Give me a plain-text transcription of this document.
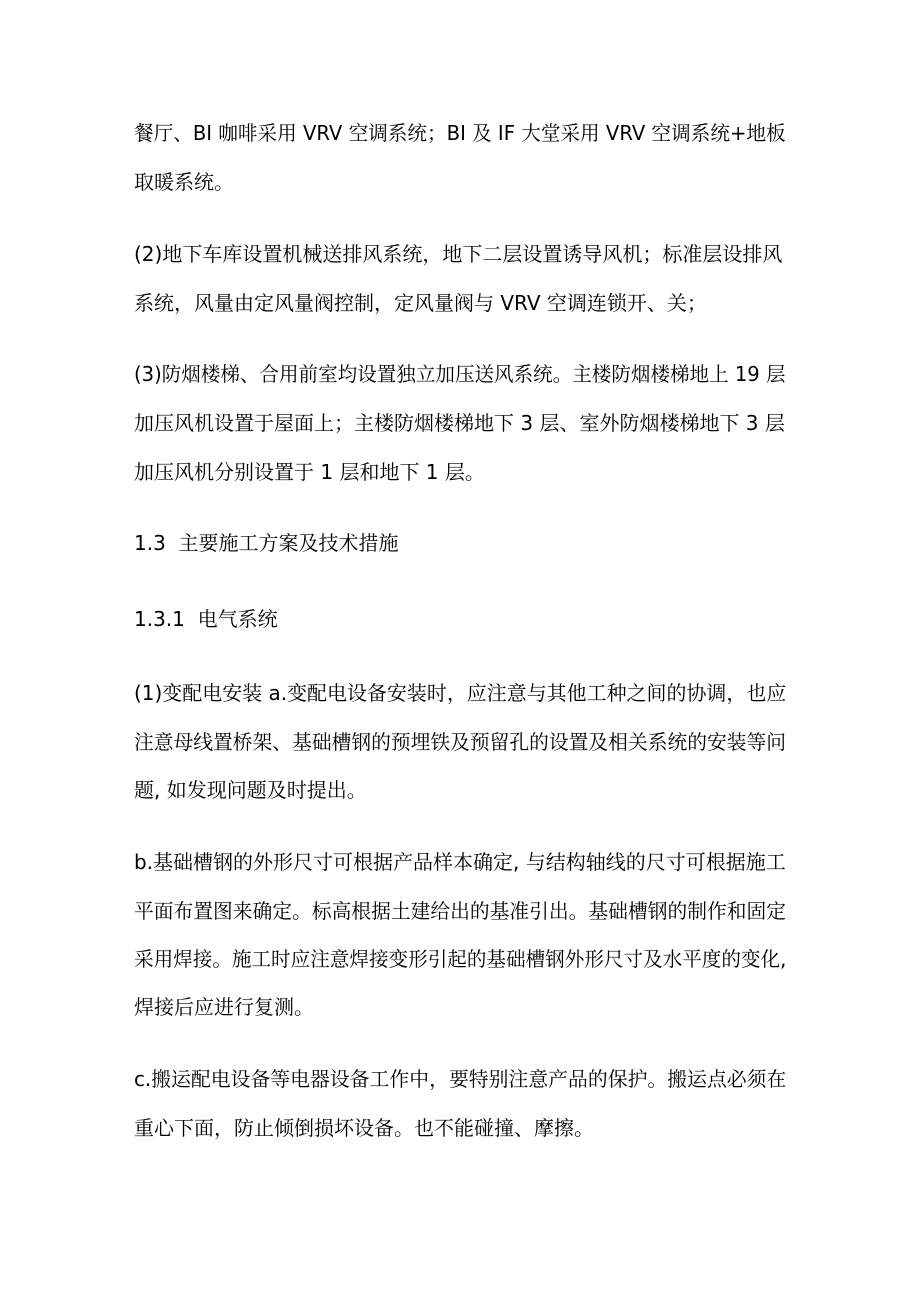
餐厅、BI 咖啡采用 VRV 空调系统；BI 及 IF 大堂采用 VRV 空调系统+地板
取暖系统。
(2)地下车库设置机械送排风系统，地下二层设置诱导风机；标准层设排风
系统，风量由定风量阀控制，定风量阀与 VRV 空调连锁开、关；
(3)防烟楼梯、合用前室均设置独立加压送风系统。主楼防烟楼梯地上 19 层
加压风机设置于屋面上；主楼防烟楼梯地下 3 层、室外防烟楼梯地下 3 层
加压风机分别设置于 1 层和地下 1 层。
1.3  主要施工方案及技术措施
1.3.1  电气系统
(1)变配电安装 a.变配电设备安装时，应注意与其他工种之间的协调，也应
注意母线置桥架、基础槽钢的预埋铁及预留孔的设置及相关系统的安装等问
题, 如发现问题及时提出。
b.基础槽钢的外形尺寸可根据产品样本确定, 与结构轴线的尺寸可根据施工
平面布置图来确定。标高根据土建给出的基准引出。基础槽钢的制作和固定
采用焊接。施工时应注意焊接变形引起的基础槽钢外形尺寸及水平度的变化,
焊接后应进行复测。
c.搬运配电设备等电器设备工作中，要特别注意产品的保护。搬运点必须在
重心下面，防止倾倒损坏设备。也不能碰撞、摩擦。
